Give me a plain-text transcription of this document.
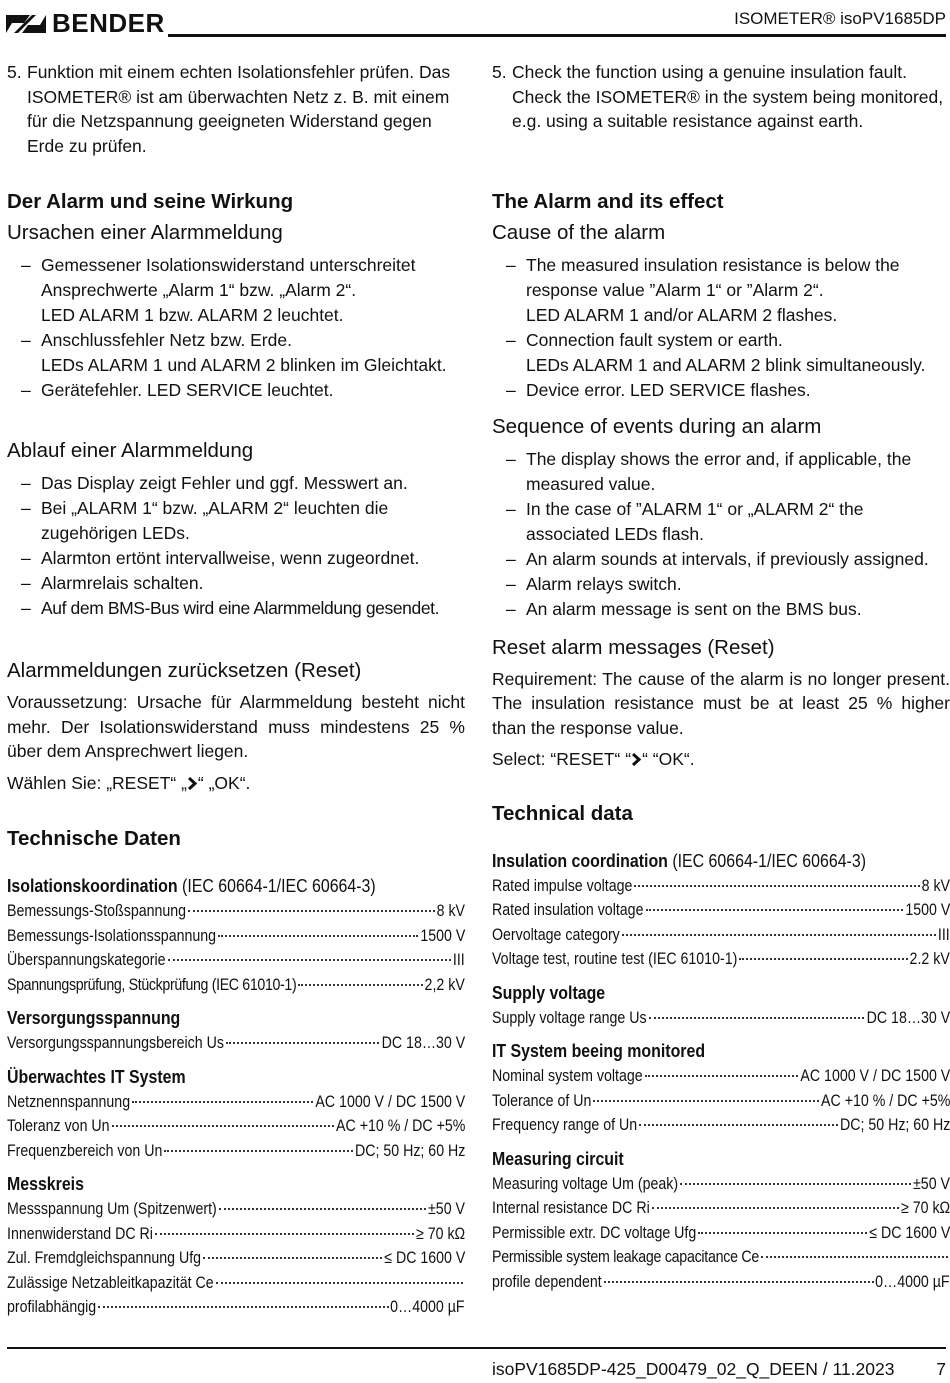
BENDER	ISOMETER® isoPV1685DP
5. Funktion mit einem echten Isolationsfehler prüfen. Das ISOMETER® ist am überwachten Netz z. B. mit einem für die Netzspannung geeigneten Widerstand gegen Erde zu prüfen.
Der Alarm und seine Wirkung
Ursachen einer Alarmmeldung
– Gemessener Isolationswiderstand unterschreitet Ansprechwerte „Alarm 1“ bzw. „Alarm 2“.
LED ALARM 1 bzw. ALARM 2 leuchtet.
– Anschlussfehler Netz bzw. Erde.
LEDs ALARM 1 und ALARM 2 blinken im Gleichtakt.
– Gerätefehler. LED SERVICE leuchtet.
Ablauf einer Alarmmeldung
– Das Display zeigt Fehler und ggf. Messwert an.
– Bei „ALARM 1“ bzw. „ALARM 2“ leuchten die zugehörigen LEDs.
– Alarmton ertönt intervallweise, wenn zugeordnet.
– Alarmrelais schalten.
– Auf dem BMS-Bus wird eine Alarmmeldung gesendet.
Alarmmeldungen zurücksetzen (Reset)

Voraussetzung: Ursache für Alarmmeldung besteht nicht mehr. Der Isolationswiderstand muss mindestens 25 % über dem Ansprechwert liegen.

Wählen Sie: „RESET“ „ “ „OK“.

Technische Daten
Isolationskoordination (IEC 60664-1/IEC 60664-3)
Bemessungs-Stoßspannung	8 kV
Bemessungs-Isolationsspannung	1500 V
Überspannungskategorie	III
Spannungsprüfung, Stückprüfung (IEC 61010-1)	2,2 kV
Versorgungsspannung
Versorgungsspannungsbereich Us	DC 18…30 V
Überwachtes IT System
Netznennspannung	AC 1000 V / DC 1500 V
Toleranz von Un	AC +10 % / DC +5%
Frequenzbereich von Un	DC; 50 Hz; 60 Hz
Messkreis
Messspannung Um (Spitzenwert)	±50 V
Innenwiderstand DC Ri	≥ 70 kΩ
Zul. Fremdgleichspannung Ufg	≤ DC 1600 V
Zulässige Netzableitkapazität Ce
profilabhängig	0…4000 µF
5. Check the function using a genuine insulation fault. Check the ISOMETER® in the system being monitored, e.g. using a suitable resistance against earth.
The Alarm and its effect
Cause of the alarm
– The measured insulation resistance is below the response value ”Alarm 1“ or ”Alarm 2“.
LED ALARM 1 and/or ALARM 2 flashes.
– Connection fault system or earth.
LEDs ALARM 1 and ALARM 2 blink simultaneously.
– Device error. LED SERVICE flashes.
Sequence of events during an alarm
– The display shows the error and, if applicable, the measured value.
– In the case of ”ALARM 1“ or „ALARM 2“ the associated LEDs flash.
– An alarm sounds at intervals, if previously assigned.
– Alarm relays switch.
– An alarm message is sent on the BMS bus.
Reset alarm messages (Reset)

Requirement: The cause of the alarm is no longer present. The insulation resistance must be at least 25 % higher than the response value.

Select: “RESET“ “ “ “OK“.

Technical data
Insulation coordination (IEC 60664-1/IEC 60664-3)
Rated impulse voltage	8 kV
Rated insulation voltage	1500 V
Oervoltage category	III
Voltage test, routine test (IEC 61010-1)	2.2 kV
Supply voltage
Supply voltage range Us	DC 18…30 V
IT System beeing monitored
Nominal system voltage	AC 1000 V / DC 1500 V
Tolerance of Un	AC +10 % / DC +5%
Frequency range of Un	DC; 50 Hz; 60 Hz
Measuring circuit
Measuring voltage Um (peak)	±50 V
Internal resistance DC Ri	≥ 70 kΩ
Permissible extr. DC voltage Ufg	≤ DC 1600 V
Permissible system leakage capacitance Ce
profile dependent	0…4000 µF
isoPV1685DP-425_D00479_02_Q_DEEN / 11.2023 7
